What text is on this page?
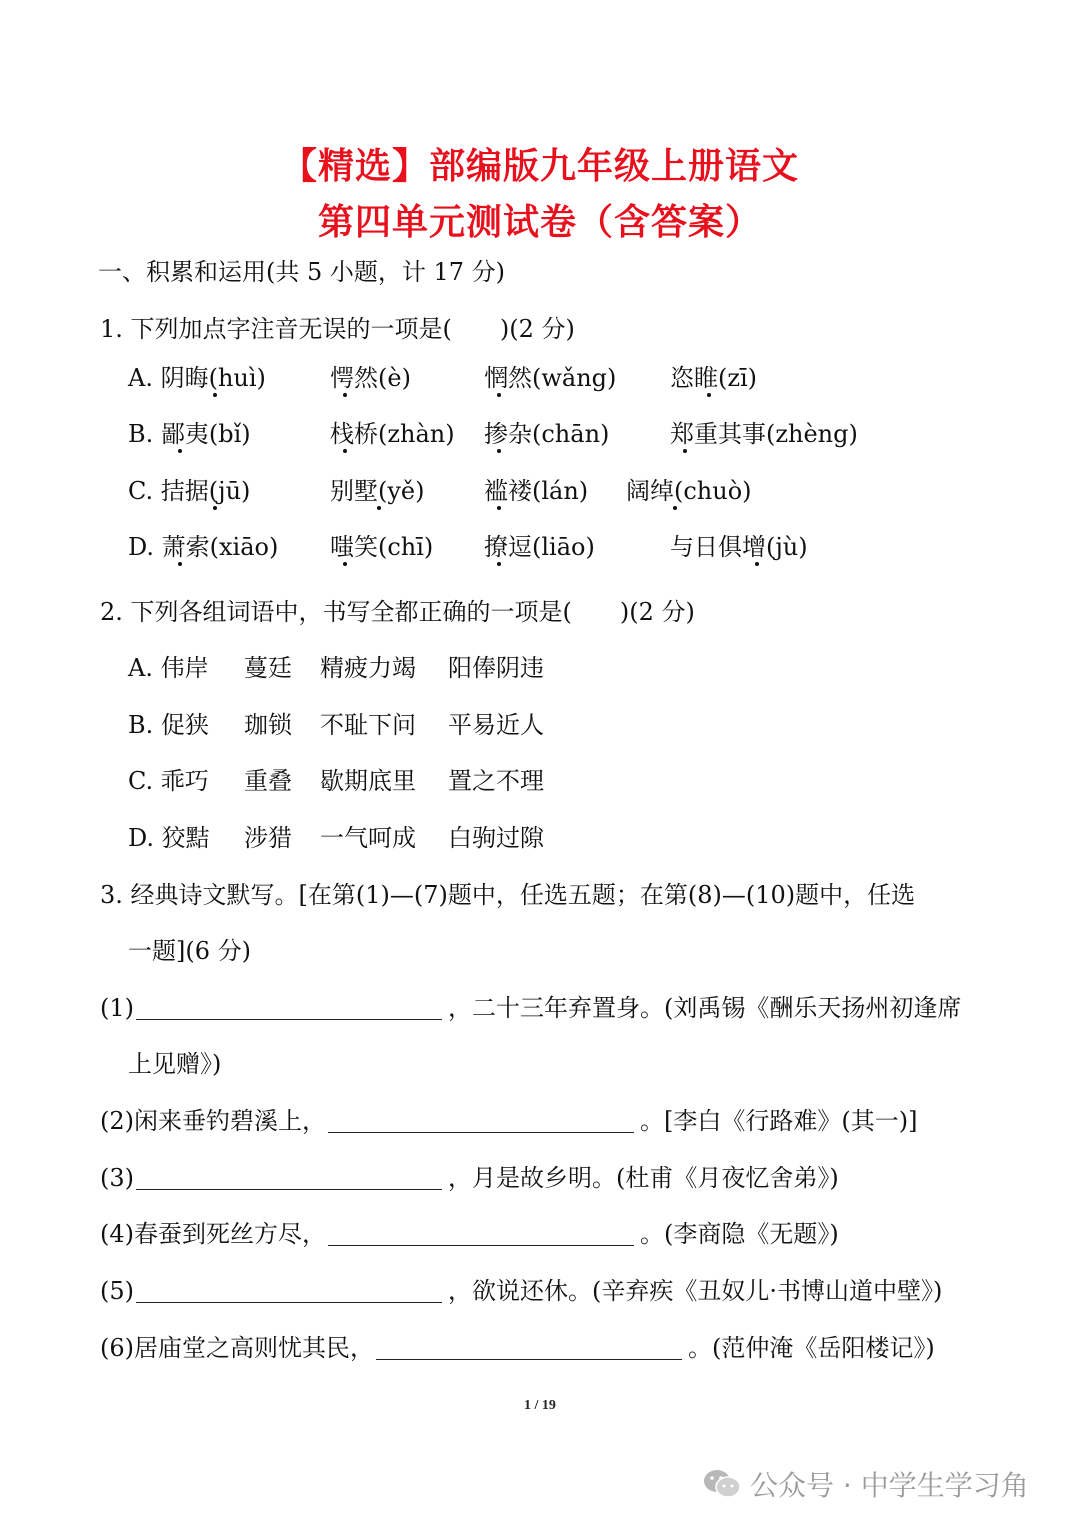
【精选】部编版九年级上册语文
第四单元测试卷（含答案）
一、积累和运用(共 5 小题，计 17 分)
1. 下列加点字注音无误的一项是(　　)(2 分)
A. 阴晦(huì)	愕然(è)	惘然(wǎng) 恣睢(zī)
B. 鄙夷(bǐ)	栈桥(zhàn) 掺杂(chān)	郑重其事(zhèng)
C. 拮据(jū)	别墅(yě) 褴褛(lán) 阔绰(chuò)
D. 萧索(xiāo) 嗤笑(chī) 撩逗(liāo)	与日俱增(jù)
2. 下列各组词语中，书写全都正确的一项是(　　)(2 分)
A. 伟岸 蔓廷 精疲力竭 阳俸阴违
B. 促狭 珈锁 不耻下问 平易近人
C. 乖巧 重叠 歇期底里 置之不理
D. 狡黠 涉猎 一气呵成 白驹过隙
3. 经典诗文默写。[在第(1)—(7)题中，任选五题；在第(8)—(10)题中，任选
一题](6 分)
(1)	，二十三年弃置身。(刘禹锡《酬乐天扬州初逢席
上见赠》)
(2)闲来垂钓碧溪上，	。[李白《行路难》(其一)]
(3)	，月是故乡明。(杜甫《月夜忆舍弟》)
(4)春蚕到死丝方尽，	。(李商隐《无题》)
(5)	，欲说还休。(辛弃疾《丑奴儿·书博山道中壁》)
(6)居庙堂之高则忧其民，	。(范仲淹《岳阳楼记》)
1 / 19
公众号 · 中学生学习角
